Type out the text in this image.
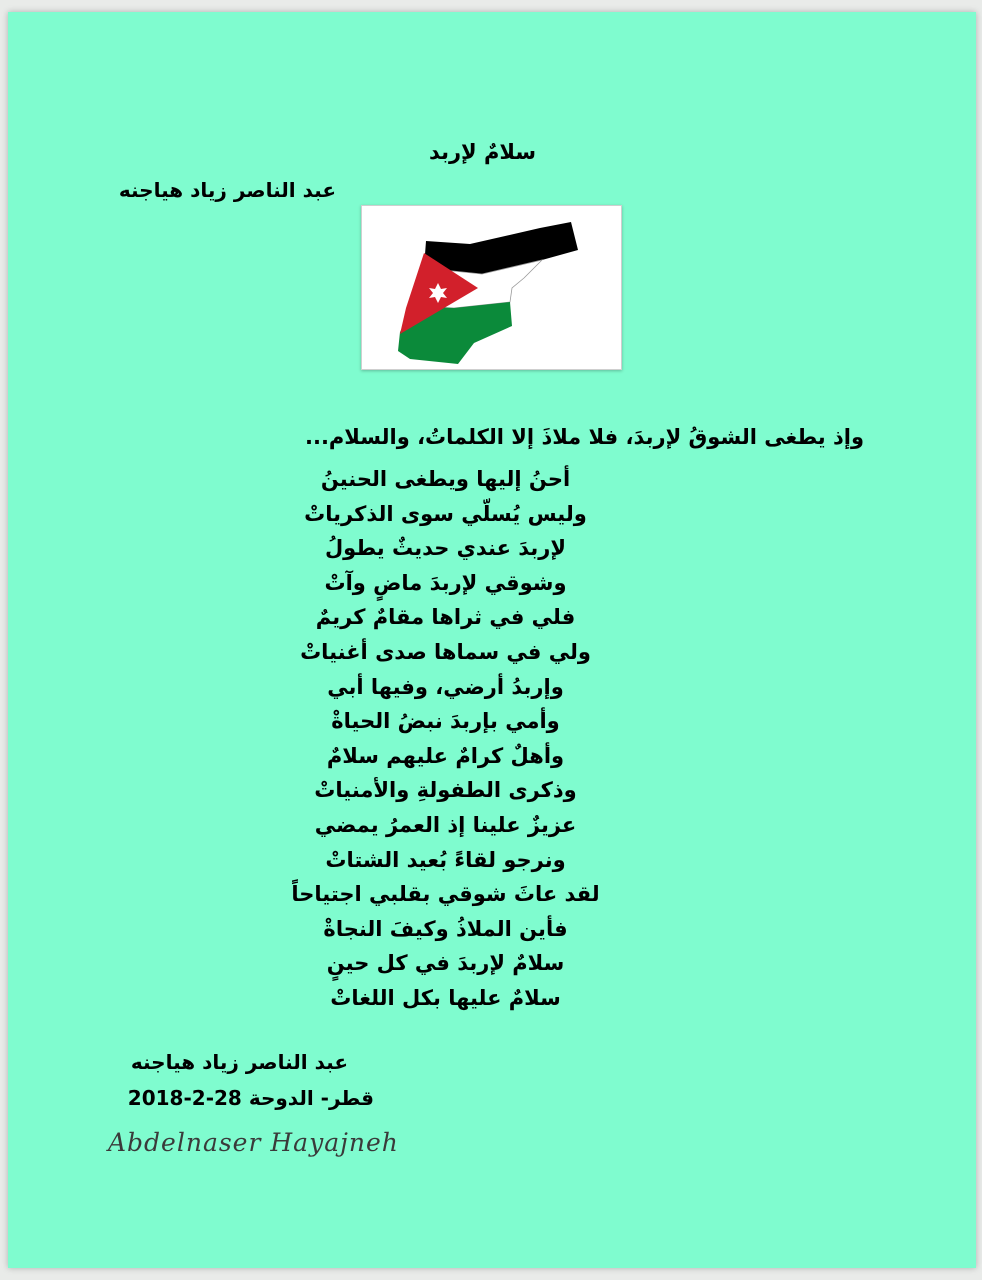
سلامٌ لإربد
عبد الناصر زياد هياجنه
وإذ يطغى الشوقُ لإربدَ، فلا ملاذَ إلا الكلماتُ، والسلام...
أحنُ إليها ويطغى الحنينُ
وليس يُسلّي سوى الذكرياتْ
لإربدَ عندي حديثٌ يطولُ
وشوقي لإربدَ ماضٍ وآتْ
فلي في ثراها مقامٌ كريمٌ
ولي في سماها صدى أغنياتْ
وإربدُ أرضي، وفيها أبي
وأمي بإربدَ نبضُ الحياةْ
وأهلٌ كرامٌ عليهم سلامٌ
وذكرى الطفولةِ والأمنياتْ
عزيزٌ علينا إذ العمرُ يمضي
ونرجو لقاءً بُعيد الشتاتْ
لقد عاثَ شوقي بقلبي اجتياحاً
فأين الملاذُ وكيفَ النجاةْ
سلامٌ لإربدَ في كل حينٍ
سلامٌ عليها بكل اللغاتْ
عبد الناصر زياد هياجنه
قطر- الدوحة 28-2-2018
Abdelnaser Hayajneh
